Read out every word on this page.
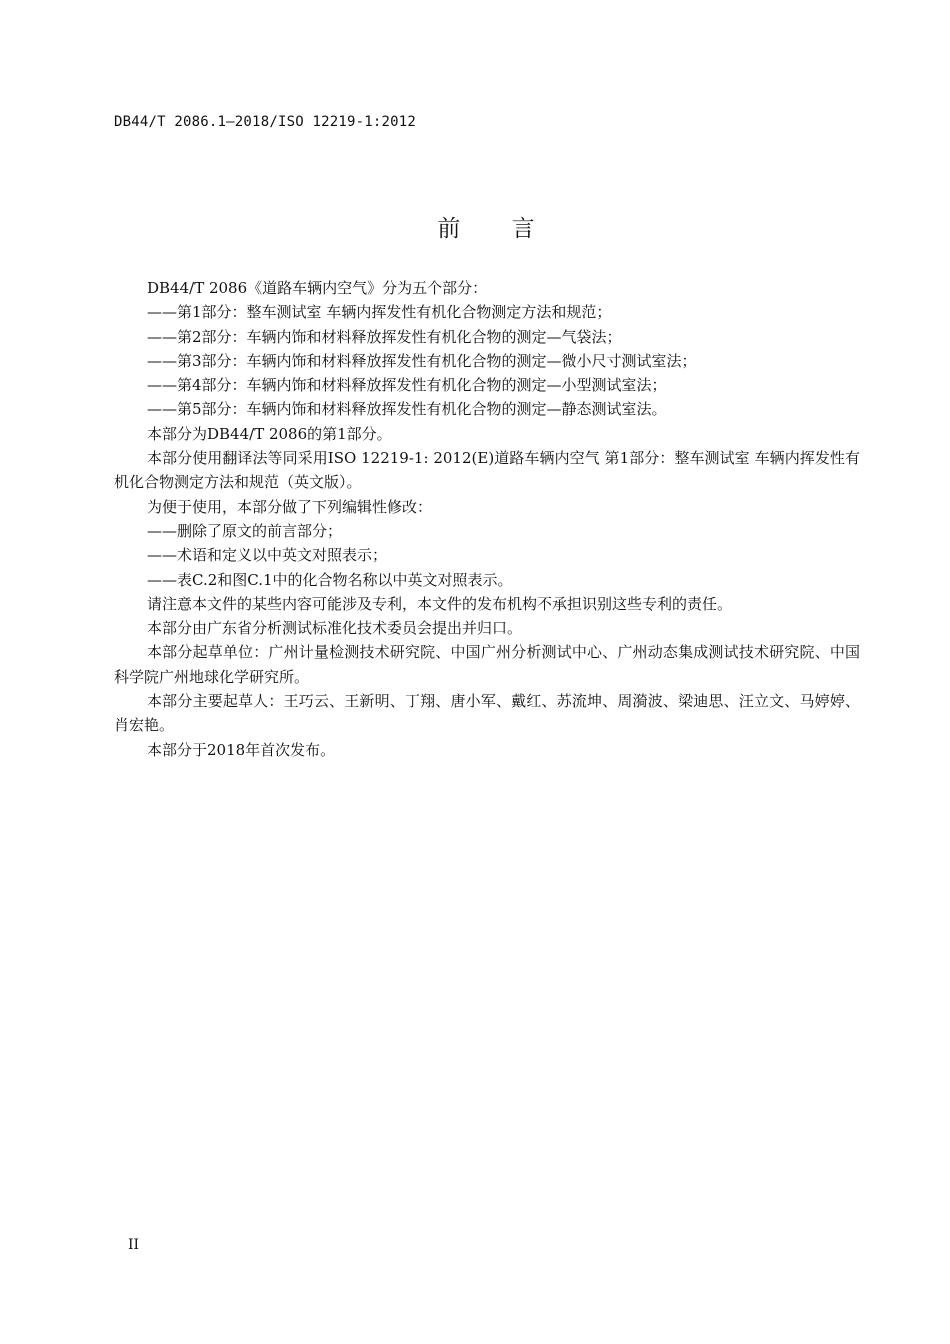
DB44/T 2086.1—2018/ISO 12219-1:2012
前 言

DB44/T 2086《道路车辆内空气》分为五个部分：

——第1部分：整车测试室 车辆内挥发性有机化合物测定方法和规范；

——第2部分：车辆内饰和材料释放挥发性有机化合物的测定—气袋法；

——第3部分：车辆内饰和材料释放挥发性有机化合物的测定—微小尺寸测试室法；

——第4部分：车辆内饰和材料释放挥发性有机化合物的测定—小型测试室法；

——第5部分：车辆内饰和材料释放挥发性有机化合物的测定—静态测试室法。

本部分为DB44/T 2086的第1部分。

本部分使用翻译法等同采用ISO 12219-1: 2012(E)道路车辆内空气 第1部分：整车测试室 车辆内挥发性有机化合物测定方法和规范（英文版）。

为便于使用，本部分做了下列编辑性修改：

——删除了原文的前言部分；

——术语和定义以中英文对照表示；

——表C.2和图C.1中的化合物名称以中英文对照表示。

请注意本文件的某些内容可能涉及专利，本文件的发布机构不承担识别这些专利的责任。

本部分由广东省分析测试标准化技术委员会提出并归口。

本部分起草单位：广州计量检测技术研究院、中国广州分析测试中心、广州动态集成测试技术研究院、中国科学院广州地球化学研究所。

本部分主要起草人：王巧云、王新明、丁翔、唐小军、戴红、苏流坤、周漪波、梁迪思、汪立文、马婷婷、肖宏艳。

本部分于2018年首次发布。

II
